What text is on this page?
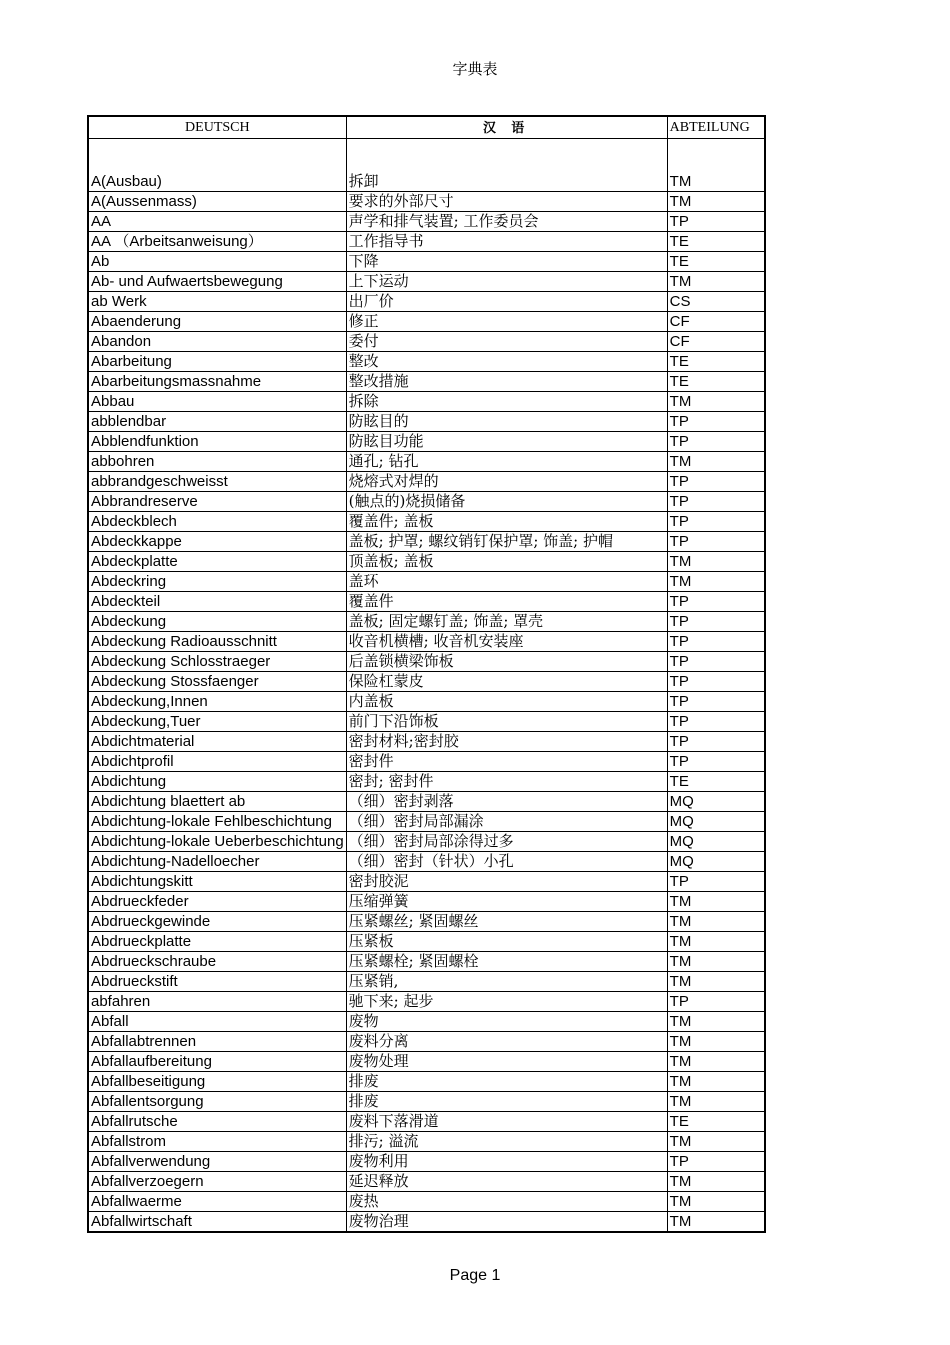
字典表
DEUTSCH	汉 语	ABTEILUNG
A(Ausbau)	拆卸	TM
A(Aussenmass)	要求的外部尺寸	TM
AA	声学和排气装置; 工作委员会	TP
AA （Arbeitsanweisung）	工作指导书	TE
Ab	下降	TE
Ab- und Aufwaertsbewegung	上下运动	TM
ab Werk	出厂价	CS
Abaenderung	修正	CF
Abandon	委付	CF
Abarbeitung	整改	TE
Abarbeitungsmassnahme	整改措施	TE
Abbau	拆除	TM
abblendbar	防眩目的	TP
Abblendfunktion	防眩目功能	TP
abbohren	通孔; 钻孔	TM
abbrandgeschweisst	烧熔式对焊的	TP
Abbrandreserve	(触点的)烧损储备	TP
Abdeckblech	覆盖件; 盖板	TP
Abdeckkappe	盖板; 护罩; 螺纹销钉保护罩; 饰盖; 护帽	TP
Abdeckplatte	顶盖板; 盖板	TM
Abdeckring	盖环	TM
Abdeckteil	覆盖件	TP
Abdeckung	盖板; 固定螺钉盖; 饰盖; 罩壳	TP
Abdeckung Radioausschnitt	收音机横槽; 收音机安装座	TP
Abdeckung Schlosstraeger	后盖锁横梁饰板	TP
Abdeckung Stossfaenger	保险杠蒙皮	TP
Abdeckung,Innen	内盖板	TP
Abdeckung,Tuer	前门下沿饰板	TP
Abdichtmaterial	密封材料;密封胶	TP
Abdichtprofil	密封件	TP
Abdichtung	密封; 密封件	TE
Abdichtung blaettert ab	（细）密封剥落	MQ
Abdichtung-lokale Fehlbeschichtung	（细）密封局部漏涂	MQ
Abdichtung-lokale Ueberbeschichtung	（细）密封局部涂得过多	MQ
Abdichtung-Nadelloecher	（细）密封（针状）小孔	MQ
Abdichtungskitt	密封胶泥	TP
Abdrueckfeder	压缩弹簧	TM
Abdrueckgewinde	压紧螺丝; 紧固螺丝	TM
Abdrueckplatte	压紧板	TM
Abdrueckschraube	压紧螺栓; 紧固螺栓	TM
Abdrueckstift	压紧销,	TM
abfahren	驰下来; 起步	TP
Abfall	废物	TM
Abfallabtrennen	废料分离	TM
Abfallaufbereitung	废物处理	TM
Abfallbeseitigung	排废	TM
Abfallentsorgung	排废	TM
Abfallrutsche	废料下落滑道	TE
Abfallstrom	排污; 溢流	TM
Abfallverwendung	废物利用	TP
Abfallverzoegern	延迟释放	TM
Abfallwaerme	废热	TM
Abfallwirtschaft	废物治理	TM
Page 1
